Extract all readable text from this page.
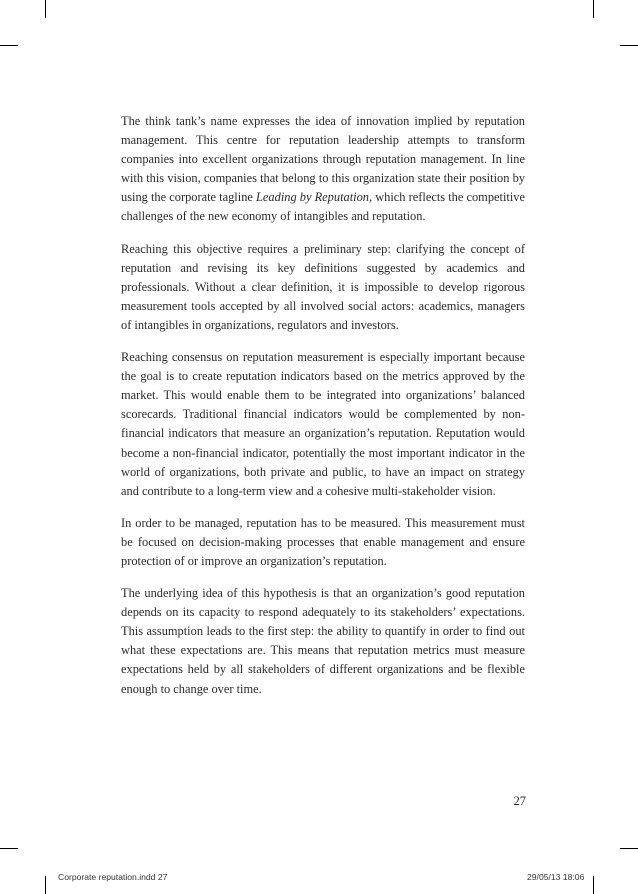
The think tank’s name expresses the idea of innovation implied by reputation management. This centre for reputation leadership attempts to transform companies into excellent organizations through reputation management. In line with this vision, companies that belong to this organization state their position by using the corporate tagline Leading by Reputation, which reflects the competitive challenges of the new economy of intangibles and reputation.

Reaching this objective requires a preliminary step: clarifying the concept of reputation and revising its key definitions suggested by academics and professionals. Without a clear definition, it is impossible to develop rigorous measurement tools accepted by all involved social actors: academics, managers of intangibles in organizations, regulators and investors.

Reaching consensus on reputation measurement is especially important because the goal is to create reputation indicators based on the metrics approved by the market. This would enable them to be integrated into organizations’ balanced scorecards. Traditional financial indicators would be complemented by non-financial indicators that measure an organization’s reputation. Reputation would become a non-financial indicator, potentially the most important indicator in the world of organizations, both private and public, to have an impact on strategy and contribute to a long-term view and a cohesive multi-stakeholder vision.

In order to be managed, reputation has to be measured. This measurement must be focused on decision-making processes that enable management and ensure protection of or improve an organization’s reputation.

The underlying idea of this hypothesis is that an organization’s good reputation depends on its capacity to respond adequately to its stakeholders’ expectations. This assumption leads to the first step: the ability to quantify in order to find out what these expectations are. This means that reputation metrics must measure expectations held by all stakeholders of different organizations and be flexible enough to change over time.

27
Corporate reputation.indd 27	29/05/13 18:06
